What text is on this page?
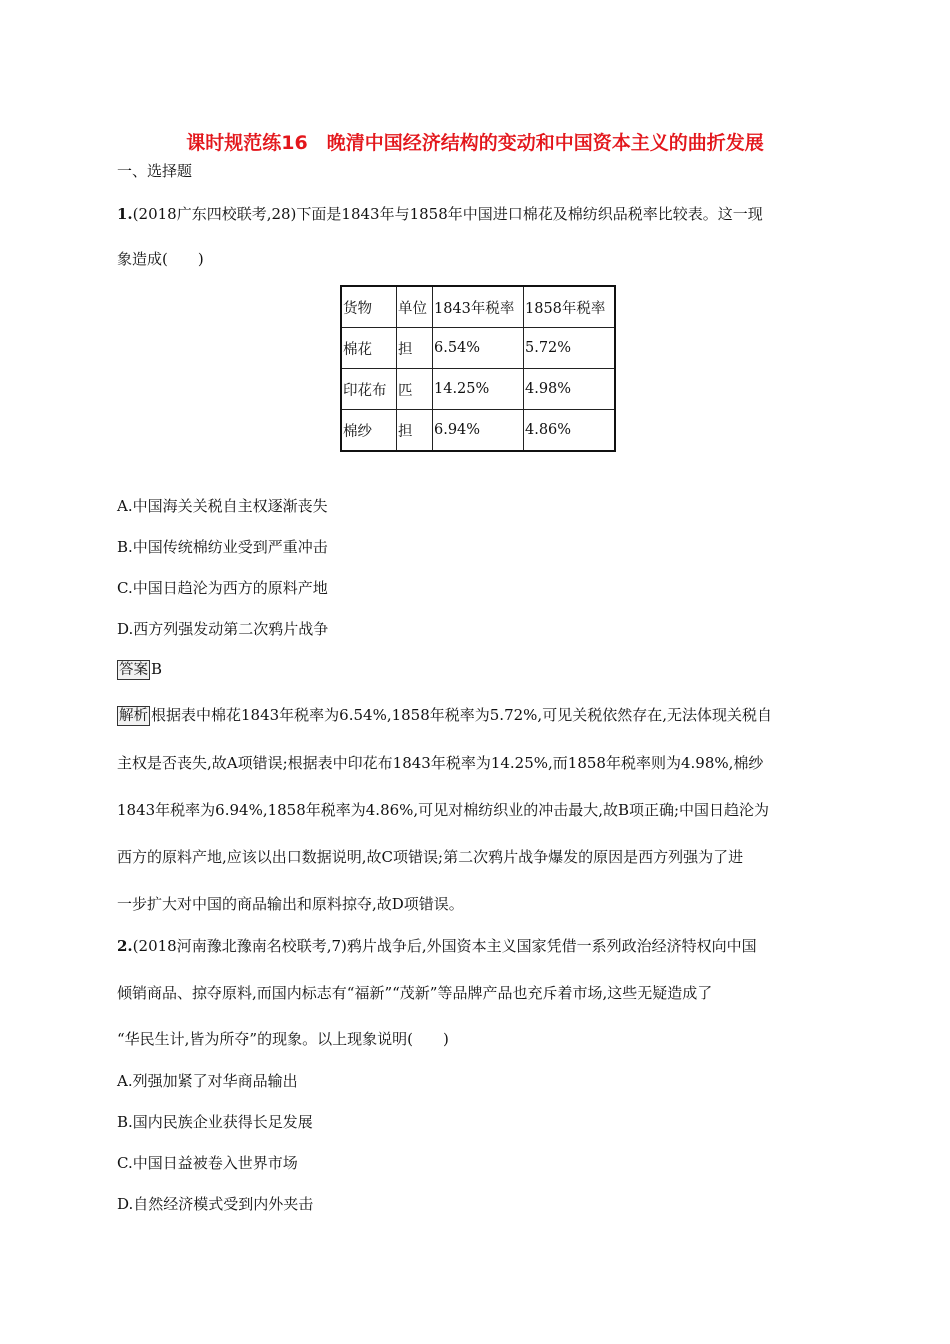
课时规范练16　晚清中国经济结构的变动和中国资本主义的曲折发展
一、选择题
1.(2018广东四校联考,28)下面是1843年与1858年中国进口棉花及棉纺织品税率比较表。这一现
象造成(　　)
货物	单位	1843年税率	1858年税率
棉花	担	6.54%	5.72%
印花布	匹	14.25%	4.98%
棉纱	担	6.94%	4.86%
A.中国海关关税自主权逐渐丧失
B.中国传统棉纺业受到严重冲击
C.中国日趋沦为西方的原料产地
D.西方列强发动第二次鸦片战争
答案 B
解析 根据表中棉花1843年税率为6.54%,1858年税率为5.72%,可见关税依然存在,无法体现关税自
主权是否丧失,故A项错误;根据表中印花布1843年税率为14.25%,而1858年税率则为4.98%,棉纱
1843年税率为6.94%,1858年税率为4.86%,可见对棉纺织业的冲击最大,故B项正确;中国日趋沦为
西方的原料产地,应该以出口数据说明,故C项错误;第二次鸦片战争爆发的原因是西方列强为了进
一步扩大对中国的商品输出和原料掠夺,故D项错误。
2.(2018河南豫北豫南名校联考,7)鸦片战争后,外国资本主义国家凭借一系列政治经济特权向中国
倾销商品、掠夺原料,而国内标志有“福新”“茂新”等品牌产品也充斥着市场,这些无疑造成了
“华民生计,皆为所夺”的现象。以上现象说明(　　)
A.列强加紧了对华商品输出
B.国内民族企业获得长足发展
C.中国日益被卷入世界市场
D.自然经济模式受到内外夹击
